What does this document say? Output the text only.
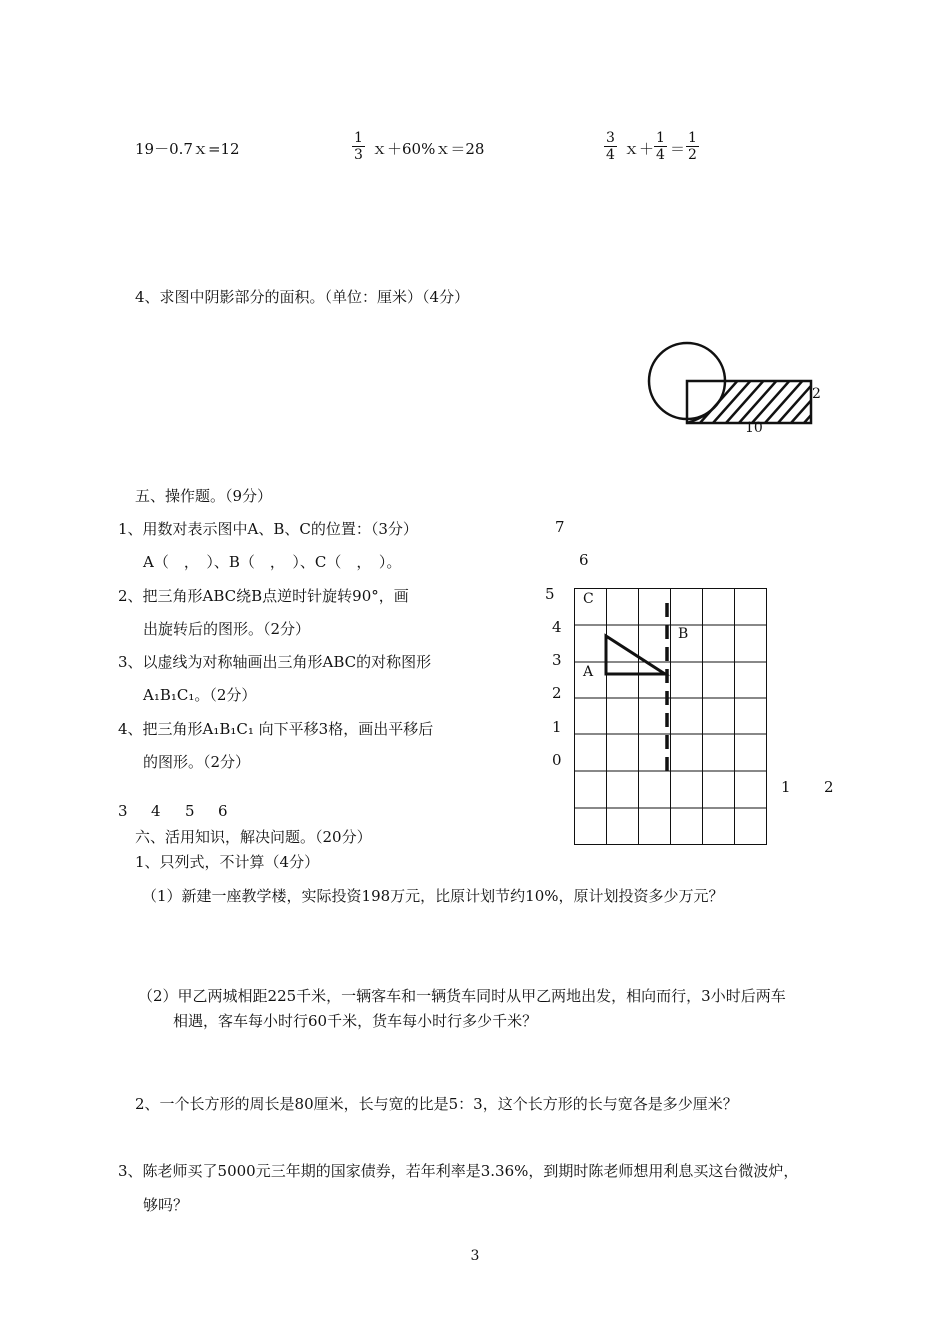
19－0.7ｘ=12	$\frac{1}{3}$ ｘ＋60%ｘ＝28	$\frac{3}{4}$ ｘ＋ $\frac{1}{4} = \frac{1}{2}$
4、求图中阴影部分的面积。（单位：厘米）（4分）
10
2
五、操作题。（9分）
1、用数对表示图中A、B、C的位置：（3分）
A（　，　）、B（　，　）、C（　，　）。
2、把三角形ABC绕B点逆时针旋转90°，画
出旋转后的图形。（2分）
3、以虚线为对称轴画出三角形ABC的对称图形
A₁B₁C₁。（2分）
4、把三角形A₁B₁C₁ 向下平移3格，画出平移后
的图形。（2分）
7
6
5
4
3
2
1
0
C
B
A
1 2
3 4 5 6
六、活用知识，解决问题。（20分）
1、只列式，不计算（4分）
（1）新建一座教学楼，实际投资198万元，比原计划节约10%，原计划投资多少万元？
（2）甲乙两城相距225千米，一辆客车和一辆货车同时从甲乙两地出发，相向而行，3小时后两车
相遇，客车每小时行60千米，货车每小时行多少千米？
2、一个长方形的周长是80厘米，长与宽的比是5：3，这个长方形的长与宽各是多少厘米？
3、陈老师买了5000元三年期的国家债券，若年利率是3.36%，到期时陈老师想用利息买这台微波炉，
够吗？
3
